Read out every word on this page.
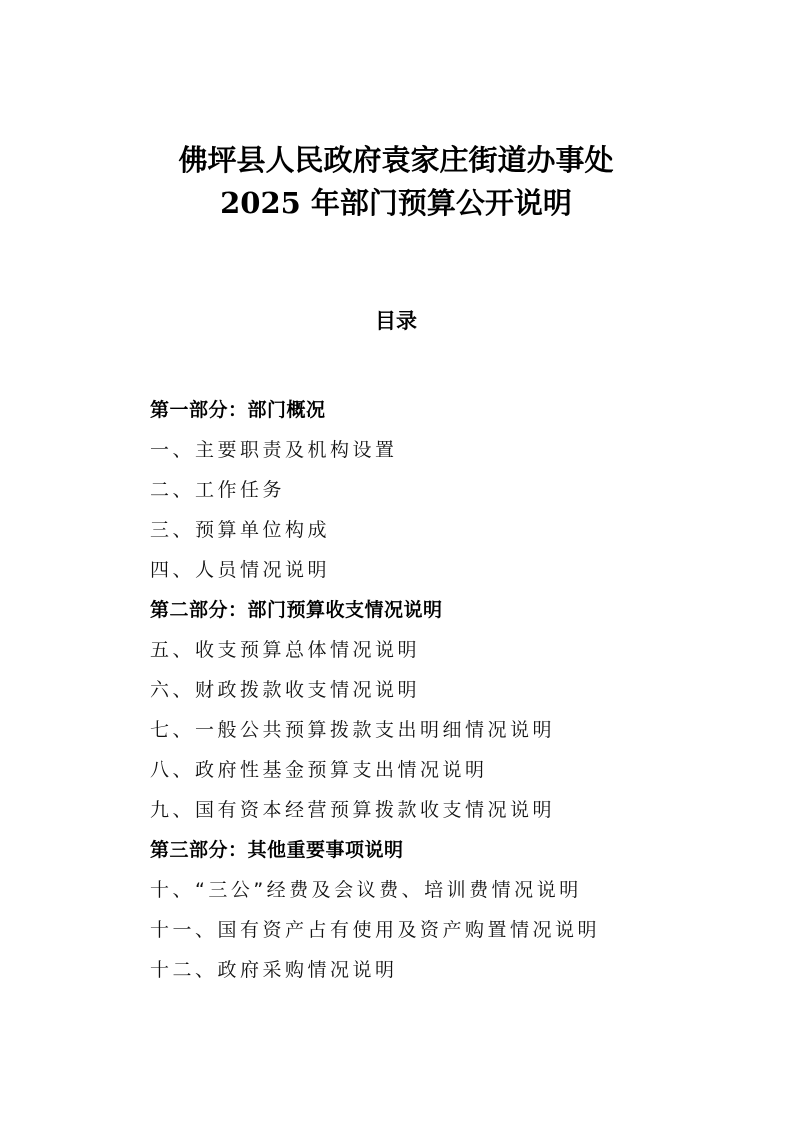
佛坪县人民政府袁家庄街道办事处
2025 年部门预算公开说明
目录
第一部分：部门概况
一、主要职责及机构设置
二、工作任务
三、预算单位构成
四、人员情况说明
第二部分：部门预算收支情况说明
五、收支预算总体情况说明
六、财政拨款收支情况说明
七、一般公共预算拨款支出明细情况说明
八、政府性基金预算支出情况说明
九、国有资本经营预算拨款收支情况说明
第三部分：其他重要事项说明
十、“三公”经费及会议费、培训费情况说明
十一、国有资产占有使用及资产购置情况说明
十二、政府采购情况说明
